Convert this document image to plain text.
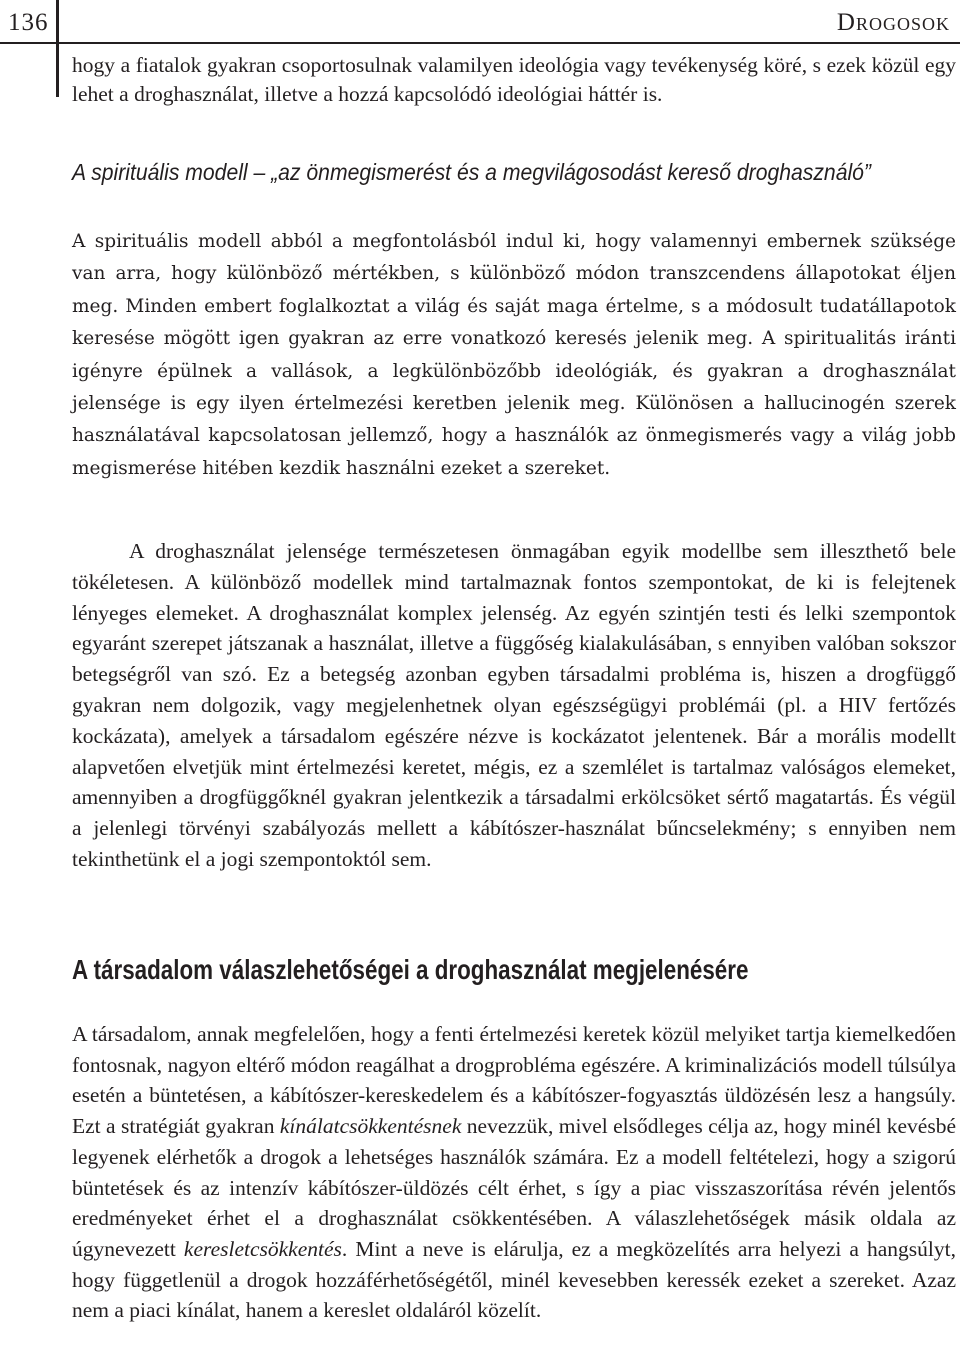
136	Drogosok

hogy a fiatalok gyakran csoportosulnak valamilyen ideológia vagy tevékenység köré, s ezek közül egy lehet a droghasználat, illetve a hozzá kapcsolódó ideológiai háttér is.

A spirituális modell – „az önmegismerést és a megvilágosodást kereső droghasználó”

A spirituális modell abból a megfontolásból indul ki, hogy valamennyi embernek szüksége van arra, hogy különböző mértékben, s különböző módon transzcendens állapotokat éljen meg. Minden embert foglalkoztat a világ és saját maga értelme, s a módosult tudatállapotok keresése mögött igen gyakran az erre vonatkozó keresés jelenik meg. A spiritualitás iránti igényre épülnek a vallások, a legkülönbözőbb ideológiák, és gyakran a droghasználat jelensége is egy ilyen értelmezési keretben jelenik meg. Különösen a hallucinogén szerek használatával kapcsolatosan jellemző, hogy a használók az önmegismerés vagy a világ jobb megismerése hitében kezdik használni ezeket a szereket.

A droghasználat jelensége természetesen önmagában egyik modellbe sem illeszthető bele tökéletesen. A különböző modellek mind tartalmaznak fontos szempontokat, de ki is felejtenek lényeges elemeket. A droghasználat komplex jelenség. Az egyén szintjén testi és lelki szempontok egyaránt szerepet játszanak a használat, illetve a függőség kialakulásában, s ennyiben valóban sokszor betegségről van szó. Ez a betegség azonban egyben társadalmi probléma is, hiszen a drogfüggő gyakran nem dolgozik, vagy megjelenhetnek olyan egészségügyi problémái (pl. a HIV fertőzés kockázata), amelyek a társadalom egészére nézve is kockázatot jelentenek. Bár a morális modellt alapvetően elvetjük mint értelmezési keretet, mégis, ez a szemlélet is tartalmaz valóságos elemeket, amennyiben a drogfüggőknél gyakran jelentkezik a társadalmi erkölcsöket sértő magatartás. És végül a jelenlegi törvényi szabályozás mellett a kábítószer-használat bűncselekmény; s ennyiben nem tekinthetünk el a jogi szempontoktól sem.

A társadalom válaszlehetőségei a droghasználat megjelenésére

A társadalom, annak megfelelően, hogy a fenti értelmezési keretek közül melyiket tartja kiemelkedően fontosnak, nagyon eltérő módon reagálhat a drogprobléma egészére. A kriminalizációs modell túlsúlya esetén a büntetésen, a kábítószer-kereskedelem és a kábítószer-fogyasztás üldözésén lesz a hangsúly. Ezt a stratégiát gyakran kínálatcsökkentésnek nevezzük, mivel elsődleges célja az, hogy minél kevésbé legyenek elérhetők a drogok a lehetséges használók számára. Ez a modell feltételezi, hogy a szigorú büntetések és az intenzív kábítószer-üldözés célt érhet, s így a piac visszaszorítása révén jelentős eredményeket érhet el a droghasználat csökkentésében. A válaszlehetőségek másik oldala az úgynevezett keresletcsökkentés. Mint a neve is elárulja, ez a megközelítés arra helyezi a hangsúlyt, hogy függetlenül a drogok hozzáférhetőségétől, minél kevesebben keressék ezeket a szereket. Azaz nem a piaci kínálat, hanem a kereslet oldaláról közelít.
